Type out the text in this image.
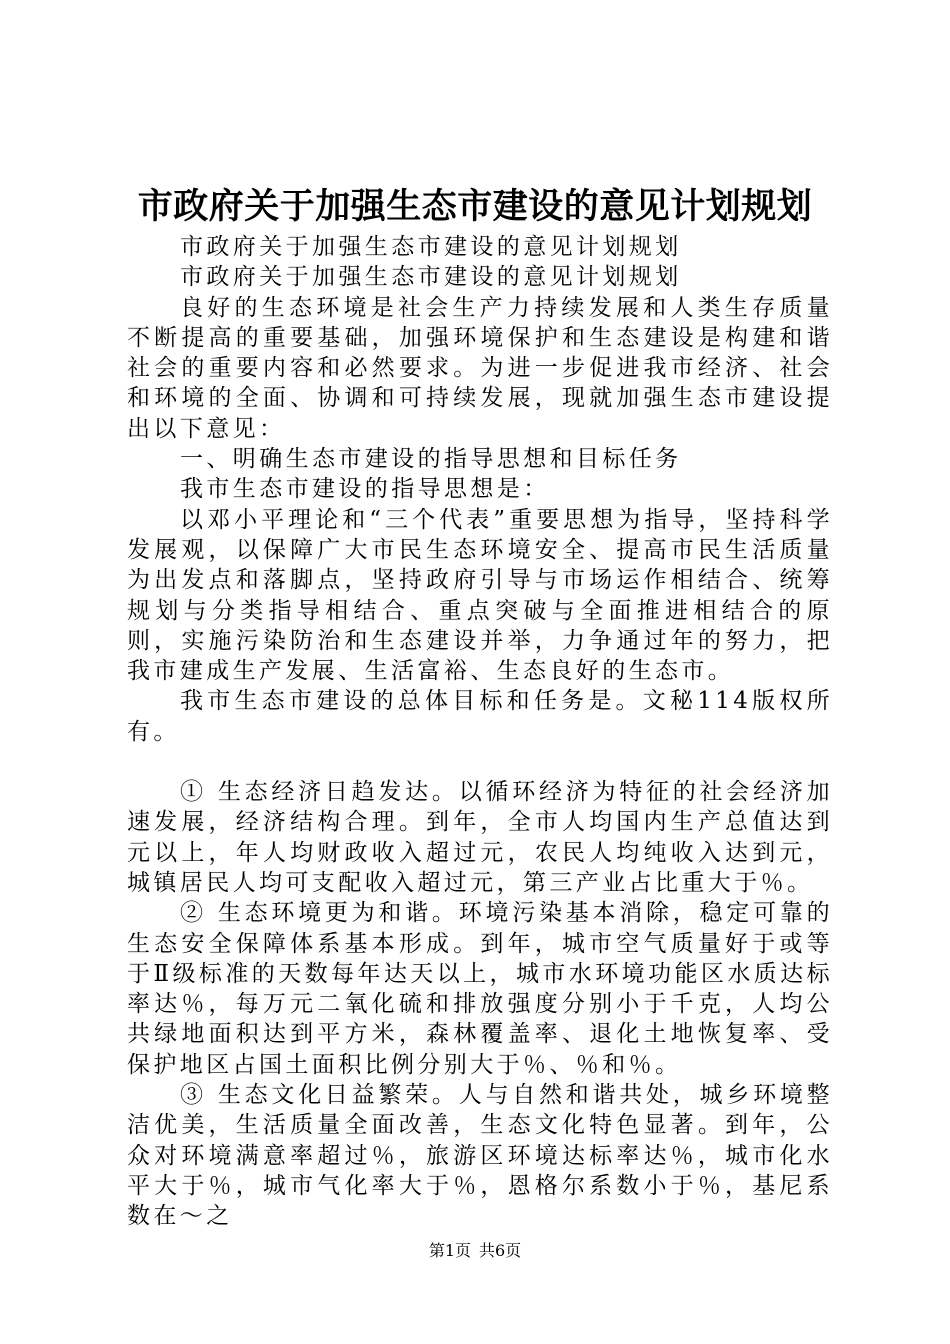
市政府关于加强生态市建设的意见计划规划

市政府关于加强生态市建设的意见计划规划

市政府关于加强生态市建设的意见计划规划

良好的生态环境是社会生产力持续发展和人类生存质量不断提高的重要基础，加强环境保护和生态建设是构建和谐社会的重要内容和必然要求。为进一步促进我市经济、社会和环境的全面、协调和可持续发展，现就加强生态市建设提出以下意见：

一、明确生态市建设的指导思想和目标任务

我市生态市建设的指导思想是：

以邓小平理论和“三个代表”重要思想为指导，坚持科学发展观，以保障广大市民生态环境安全、提高市民生活质量为出发点和落脚点，坚持政府引导与市场运作相结合、统筹规划与分类指导相结合、重点突破与全面推进相结合的原则，实施污染防治和生态建设并举，力争通过年的努力，把我市建成生产发展、生活富裕、生态良好的生态市。

我市生态市建设的总体目标和任务是。文秘114版权所有。

① 生态经济日趋发达。以循环经济为特征的社会经济加速发展，经济结构合理。到年，全市人均国内生产总值达到元以上，年人均财政收入超过元，农民人均纯收入达到元，城镇居民人均可支配收入超过元，第三产业占比重大于％。

② 生态环境更为和谐。环境污染基本消除，稳定可靠的生态安全保障体系基本形成。到年，城市空气质量好于或等于Ⅱ级标准的天数每年达天以上，城市水环境功能区水质达标率达％，每万元二氧化硫和排放强度分别小于千克，人均公共绿地面积达到平方米，森林覆盖率、退化土地恢复率、受保护地区占国土面积比例分别大于％、％和％。

③ 生态文化日益繁荣。人与自然和谐共处，城乡环境整洁优美，生活质量全面改善，生态文化特色显著。到年，公众对环境满意率超过％，旅游区环境达标率达％，城市化水平大于％，城市气化率大于％，恩格尔系数小于％，基尼系数在～之

第1页 共6页
